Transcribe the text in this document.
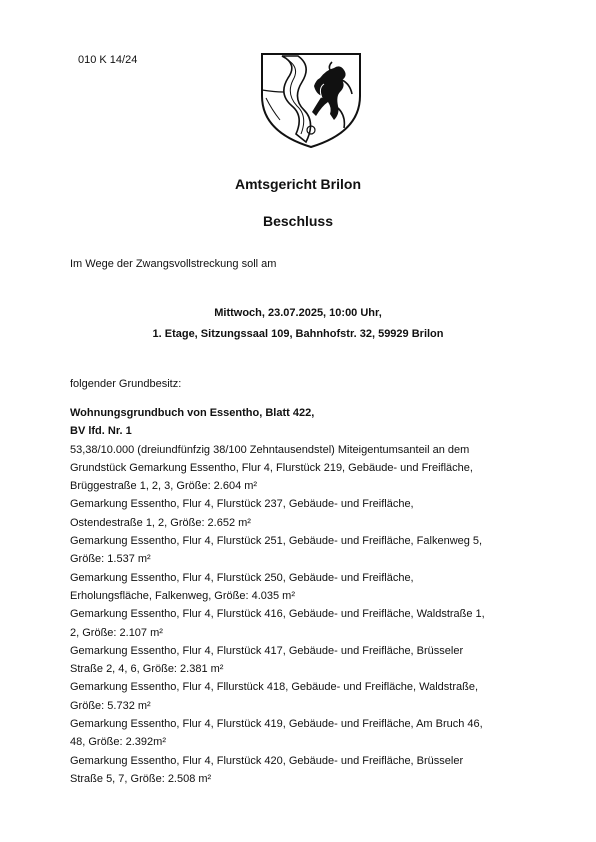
010 K 14/24
Amtsgericht Brilon
Beschluss
Im Wege der Zwangsvollstreckung soll am
Mittwoch, 23.07.2025, 10:00 Uhr,
1. Etage, Sitzungssaal 109, Bahnhofstr. 32, 59929 Brilon
folgender Grundbesitz:
Wohnungsgrundbuch von Essentho, Blatt 422,
BV lfd. Nr. 1
53,38/10.000 (dreiundfünfzig 38/100 Zehntausendstel) Miteigentumsanteil an dem
Grundstück Gemarkung Essentho, Flur 4, Flurstück 219, Gebäude- und Freifläche,
Brüggestraße 1, 2, 3, Größe: 2.604 m²
Gemarkung Essentho, Flur 4, Flurstück 237, Gebäude- und Freifläche,
Ostendestraße 1, 2, Größe: 2.652 m²
Gemarkung Essentho, Flur 4, Flurstück 251, Gebäude- und Freifläche, Falkenweg 5,
Größe: 1.537 m²
Gemarkung Essentho, Flur 4, Flurstück 250, Gebäude- und Freifläche,
Erholungsfläche, Falkenweg, Größe: 4.035 m²
Gemarkung Essentho, Flur 4, Flurstück 416, Gebäude- und Freifläche, Waldstraße 1,
2, Größe: 2.107 m²
Gemarkung Essentho, Flur 4, Flurstück 417, Gebäude- und Freifläche, Brüsseler
Straße 2, 4, 6, Größe: 2.381 m²
Gemarkung Essentho, Flur 4, Fllurstück 418, Gebäude- und Freifläche, Waldstraße,
Größe: 5.732 m²
Gemarkung Essentho, Flur 4, Flurstück 419, Gebäude- und Freifläche, Am Bruch 46,
48, Größe: 2.392m²
Gemarkung Essentho, Flur 4, Flurstück 420, Gebäude- und Freifläche, Brüsseler
Straße 5, 7, Größe: 2.508 m²
